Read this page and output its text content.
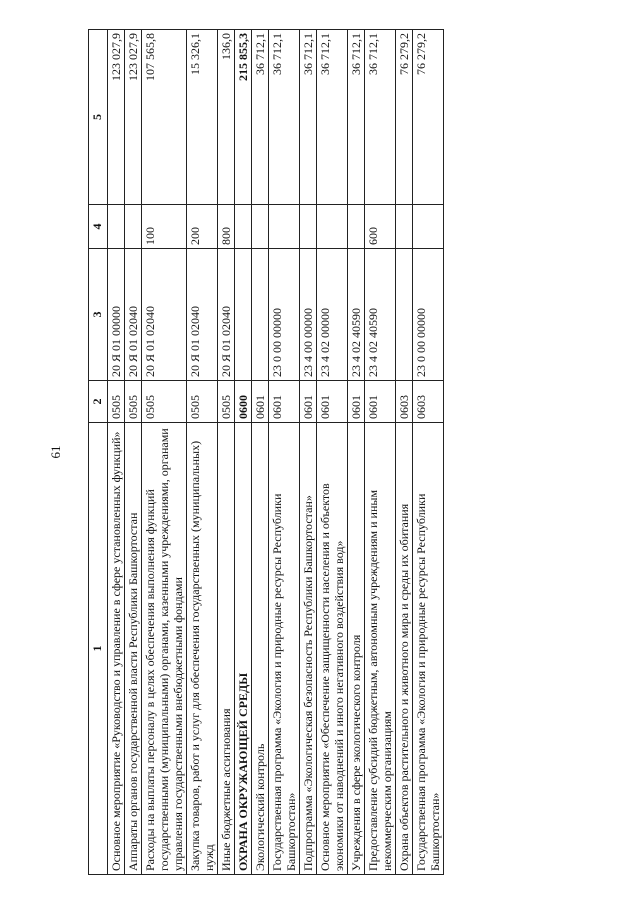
61
1	2	3	4	5
Основное мероприятие «Руководство и управление в сфере установленных функций»	0505	20 Я 01 00000		123 027,9
Аппараты органов государственной власти Республики Башкортостан	0505	20 Я 01 02040		123 027,9
Расходы на выплаты персоналу в целях обеспечения выполнения функций государственными (муниципальными) органами, казенными учреждениями, органами управления государственными внебюджетными фондами	0505	20 Я 01 02040	100	107 565,8
Закупка товаров, работ и услуг для обеспечения государственных (муниципальных) нужд	0505	20 Я 01 02040	200	15 326,1
Иные бюджетные ассигнования	0505	20 Я 01 02040	800	136,0
ОХРАНА ОКРУЖАЮЩЕЙ СРЕДЫ	0600			215 855,3
Экологический контроль	0601			36 712,1
Государственная программа «Экология и природные ресурсы Республики Башкортостан»	0601	23 0 00 00000		36 712,1
Подпрограмма «Экологическая безопасность Республики Башкортостан»	0601	23 4 00 00000		36 712,1
Основное мероприятие «Обеспечение защищенности населения и объектов экономики от наводнений и иного негативного воздействия вод»	0601	23 4 02 00000		36 712,1
Учреждения в сфере экологического контроля	0601	23 4 02 40590		36 712,1
Предоставление субсидий бюджетным, автономным учреждениям и иным некоммерческим организациям	0601	23 4 02 40590	600	36 712,1
Охрана объектов растительного и животного мира и среды их обитания	0603			76 279,2
Государственная программа «Экология и природные ресурсы Республики Башкортостан»	0603	23 0 00 00000		76 279,2
